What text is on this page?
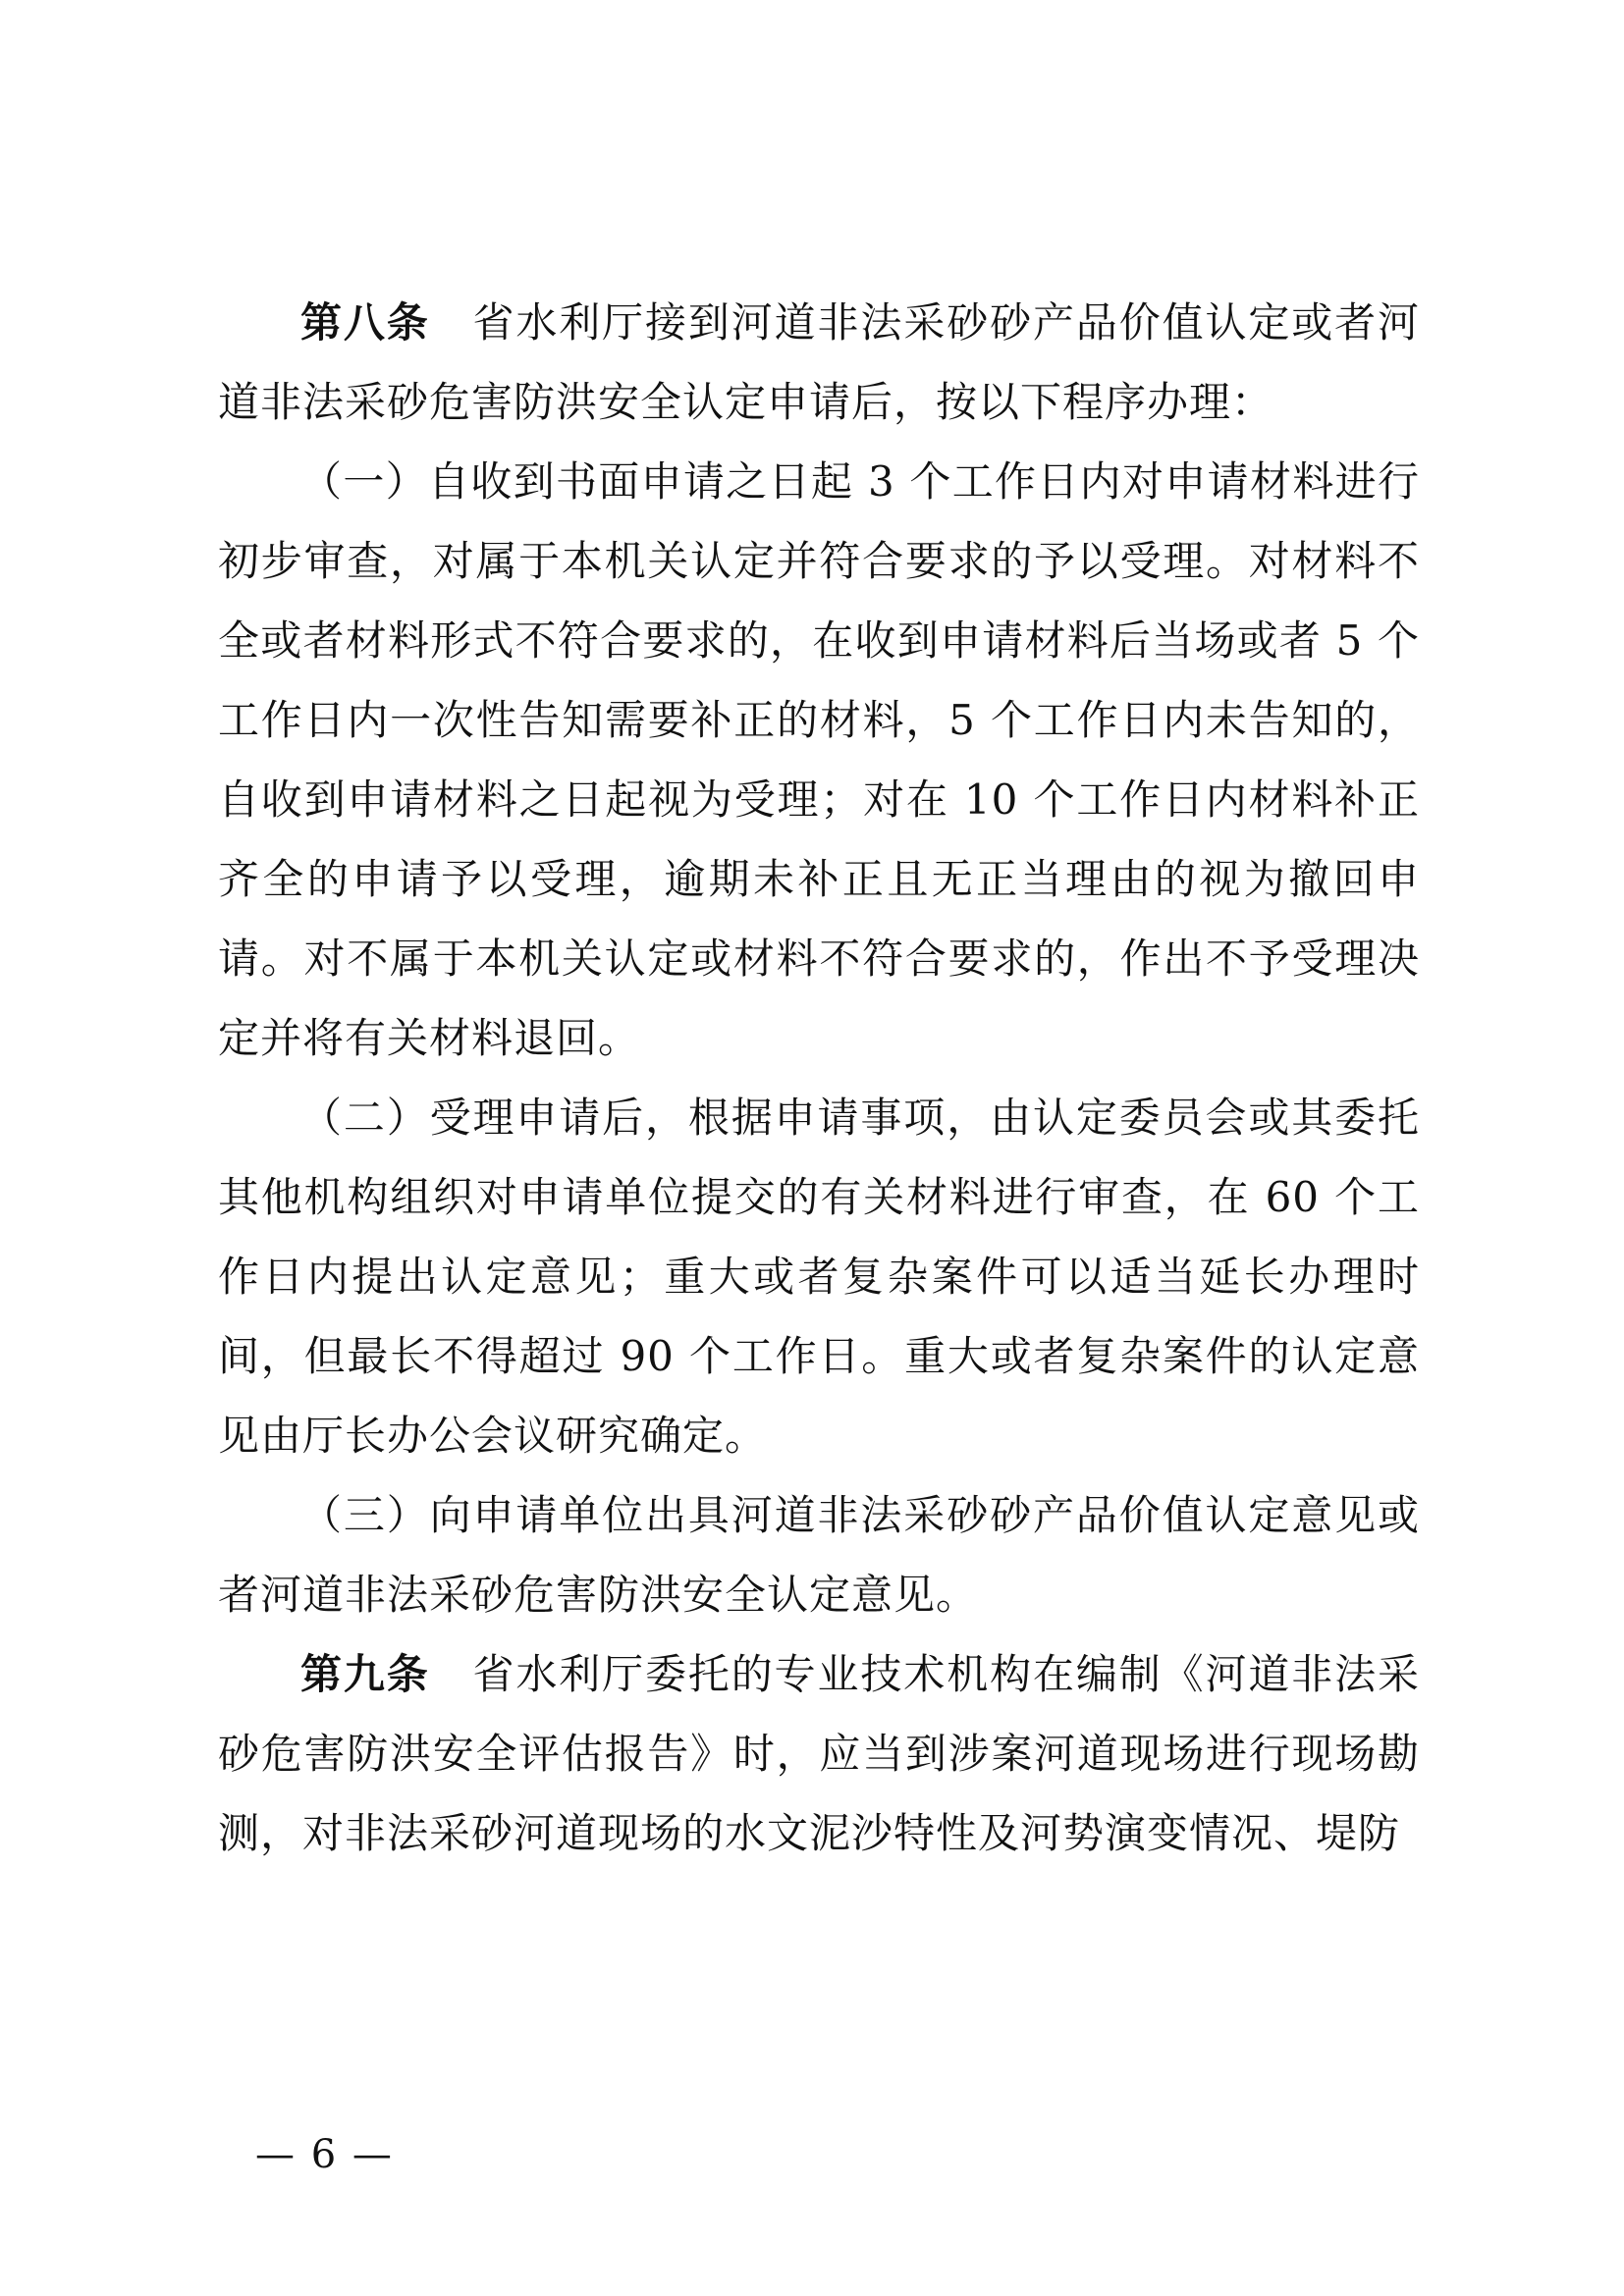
第八条　 省水利厅接到河道非法采砂砂产品价值认定或者河道非法采砂危害防洪安全认定申请后，按以下程序办理：

（一）自收到书面申请之日起 3 个工作日内对申请材料进行初步审查，对属于本机关认定并符合要求的予以受理。对材料不全或者材料形式不符合要求的，在收到申请材料后当场或者 5 个工作日内一次性告知需要补正的材料，5 个工作日内未告知的，自收到申请材料之日起视为受理；对在 10 个工作日内材料补正齐全的申请予以受理，逾期未补正且无正当理由的视为撤回申请。对不属于本机关认定或材料不符合要求的，作出不予受理决定并将有关材料退回。

（二）受理申请后，根据申请事项，由认定委员会或其委托其他机构组织对申请单位提交的有关材料进行审查，在 60 个工作日内提出认定意见；重大或者复杂案件可以适当延长办理时间，但最长不得超过 90 个工作日。重大或者复杂案件的认定意见由厅长办公会议研究确定。

（三）向申请单位出具河道非法采砂砂产品价值认定意见或者河道非法采砂危害防洪安全认定意见。

第九条　 省水利厅委托的专业技术机构在编制《河道非法采砂危害防洪安全评估报告》时，应当到涉案河道现场进行现场勘测，对非法采砂河道现场的水文泥沙特性及河势演变情况、堤防

— 6 —
